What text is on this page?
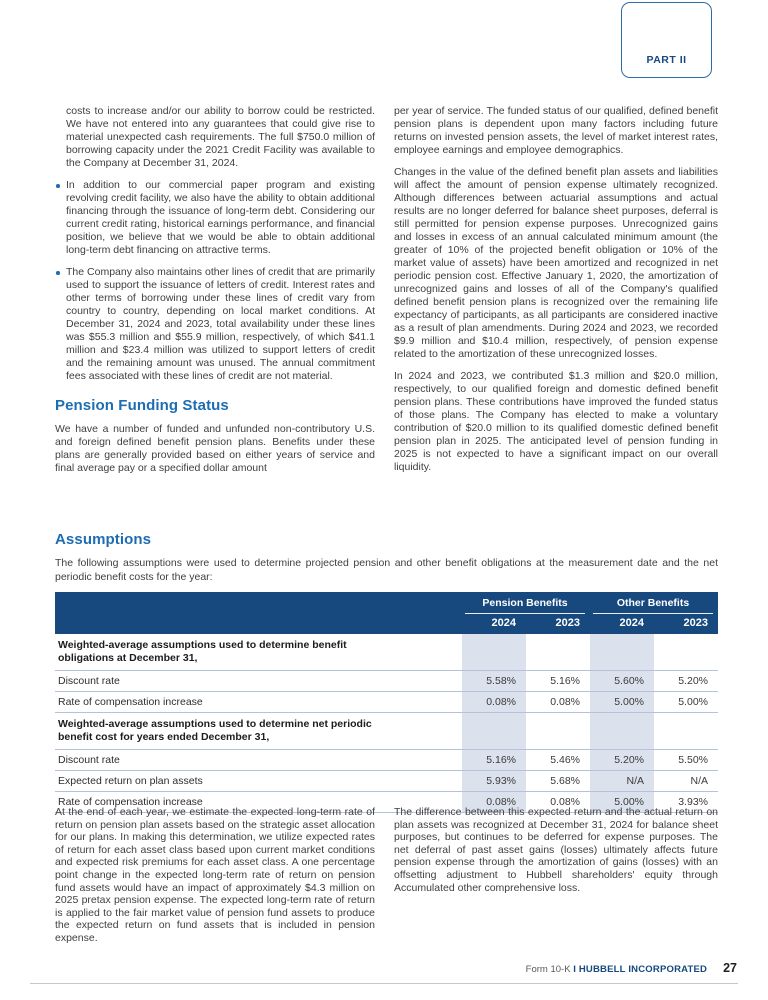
PART II
costs to increase and/or our ability to borrow could be restricted. We have not entered into any guarantees that could give rise to material unexpected cash requirements. The full $750.0 million of borrowing capacity under the 2021 Credit Facility was available to the Company at December 31, 2024.
In addition to our commercial paper program and existing revolving credit facility, we also have the ability to obtain additional financing through the issuance of long-term debt. Considering our current credit rating, historical earnings performance, and financial position, we believe that we would be able to obtain additional long-term debt financing on attractive terms.
The Company also maintains other lines of credit that are primarily used to support the issuance of letters of credit. Interest rates and other terms of borrowing under these lines of credit vary from country to country, depending on local market conditions. At December 31, 2024 and 2023, total availability under these lines was $55.3 million and $55.9 million, respectively, of which $41.1 million and $23.4 million was utilized to support letters of credit and the remaining amount was unused. The annual commitment fees associated with these lines of credit are not material.
Pension Funding Status
We have a number of funded and unfunded non-contributory U.S. and foreign defined benefit pension plans. Benefits under these plans are generally provided based on either years of service and final average pay or a specified dollar amount
per year of service. The funded status of our qualified, defined benefit pension plans is dependent upon many factors including future returns on invested pension assets, the level of market interest rates, employee earnings and employee demographics.
Changes in the value of the defined benefit plan assets and liabilities will affect the amount of pension expense ultimately recognized. Although differences between actuarial assumptions and actual results are no longer deferred for balance sheet purposes, deferral is still permitted for pension expense purposes. Unrecognized gains and losses in excess of an annual calculated minimum amount (the greater of 10% of the projected benefit obligation or 10% of the market value of assets) have been amortized and recognized in net periodic pension cost. Effective January 1, 2020, the amortization of unrecognized gains and losses of all of the Company's qualified defined benefit pension plans is recognized over the remaining life expectancy of participants, as all participants are considered inactive as a result of plan amendments. During 2024 and 2023, we recorded $9.9 million and $10.4 million, respectively, of pension expense related to the amortization of these unrecognized losses.
In 2024 and 2023, we contributed $1.3 million and $20.0 million, respectively, to our qualified foreign and domestic defined benefit pension plans. These contributions have improved the funded status of those plans. The Company has elected to make a voluntary contribution of $20.0 million to its qualified domestic defined benefit pension plan in 2025. The anticipated level of pension funding in 2025 is not expected to have a significant impact on our overall liquidity.
Assumptions
The following assumptions were used to determine projected pension and other benefit obligations at the measurement date and the net periodic benefit costs for the year:
Pension Benefits	Other Benefits
2024	2023	2024	2023
Weighted-average assumptions used to determine benefit obligations at December 31,
Discount rate	5.58%	5.16%	5.60%	5.20%
Rate of compensation increase	0.08%	0.08%	5.00%	5.00%
Weighted-average assumptions used to determine net periodic benefit cost for years ended December 31,
Discount rate	5.16%	5.46%	5.20%	5.50%
Expected return on plan assets	5.93%	5.68%	N/A	N/A
Rate of compensation increase	0.08%	0.08%	5.00%	3.93%
At the end of each year, we estimate the expected long-term rate of return on pension plan assets based on the strategic asset allocation for our plans. In making this determination, we utilize expected rates of return for each asset class based upon current market conditions and expected risk premiums for each asset class. A one percentage point change in the expected long-term rate of return on pension fund assets would have an impact of approximately $4.3 million on 2025 pretax pension expense. The expected long-term rate of return is applied to the fair market value of pension fund assets to produce the expected return on fund assets that is included in pension expense.
The difference between this expected return and the actual return on plan assets was recognized at December 31, 2024 for balance sheet purposes, but continues to be deferred for expense purposes. The net deferral of past asset gains (losses) ultimately affects future pension expense through the amortization of gains (losses) with an offsetting adjustment to Hubbell shareholders' equity through Accumulated other comprehensive loss.
Form 10-K I HUBBELL INCORPORATED 27
